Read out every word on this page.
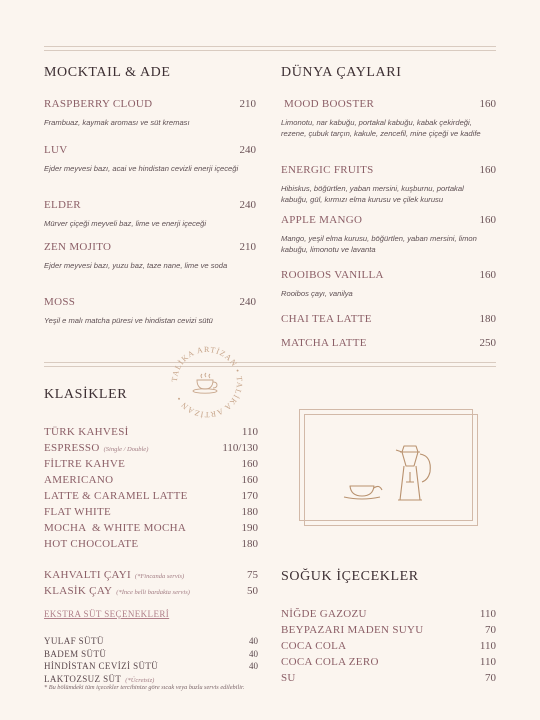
MOCKTAIL & ADE
RASPBERRY CLOUD	210
Frambuaz, kaymak aroması ve süt kreması
LUV	240
Ejder meyvesi bazı, acai ve hindistan cevizli enerji içeceği
ELDER	240
Mürver çiçeği meyveli baz, lime ve enerji içeceği
ZEN MOJITO	210
Ejder meyvesi bazı, yuzu baz, taze nane, lime ve soda
MOSS	240
Yeşil e malı matcha püresi ve hindistan cevizi sütü
DÜNYA ÇAYLARI
MOOD BOOSTER	160
Limonotu, nar kabuğu, portakal kabuğu, kabak çekirdeği, rezene, çubuk tarçın, kakule, zencefil, mine çiçeği ve kadife
ENERGIC FRUITS	160
Hibiskus, böğürtlen, yaban mersini, kuşburnu, portakal kabuğu, gül, kırmızı elma kurusu ve çilek kurusu
APPLE MANGO	160
Mango, yeşil elma kurusu, böğürtlen, yaban mersini, limon kabuğu, limonotu ve lavanta
ROOIBOS VANILLA	160
Rooibos çayı, vanilya
CHAI TEA LATTE	180
MATCHA LATTE	250
TALİKA ARTİZAN • TALİKA ARTİZAN •
KLASİKLER
TÜRK KAHVESİ	110
ESPRESSO (Single / Double)	110/130
FİLTRE KAHVE	160
AMERICANO	160
LATTE & CARAMEL LATTE	170
FLAT WHITE	180
MOCHA  & WHITE MOCHA	190
HOT CHOCOLATE	180
KAHVALTI ÇAYI (*Fincanda servis)	75
KLASİK ÇAY (*İnce belli bardakta servis)	50
EKSTRA SÜT SEÇENEKLERİ
YULAF SÜTÜ	40
BADEM SÜTÜ	40
HİNDİSTAN CEVİZİ SÜTÜ	40
LAKTOZSUZ SÜT (*Ücretsiz)
* Bu bölümdeki tüm içecekler tercihinize göre sıcak veya buzlu servis edilebilir.
SOĞUK İÇECEKLER
NİĞDE GAZOZU	110
BEYPAZARI MADEN SUYU	70
COCA COLA	110
COCA COLA ZERO	110
SU	70
